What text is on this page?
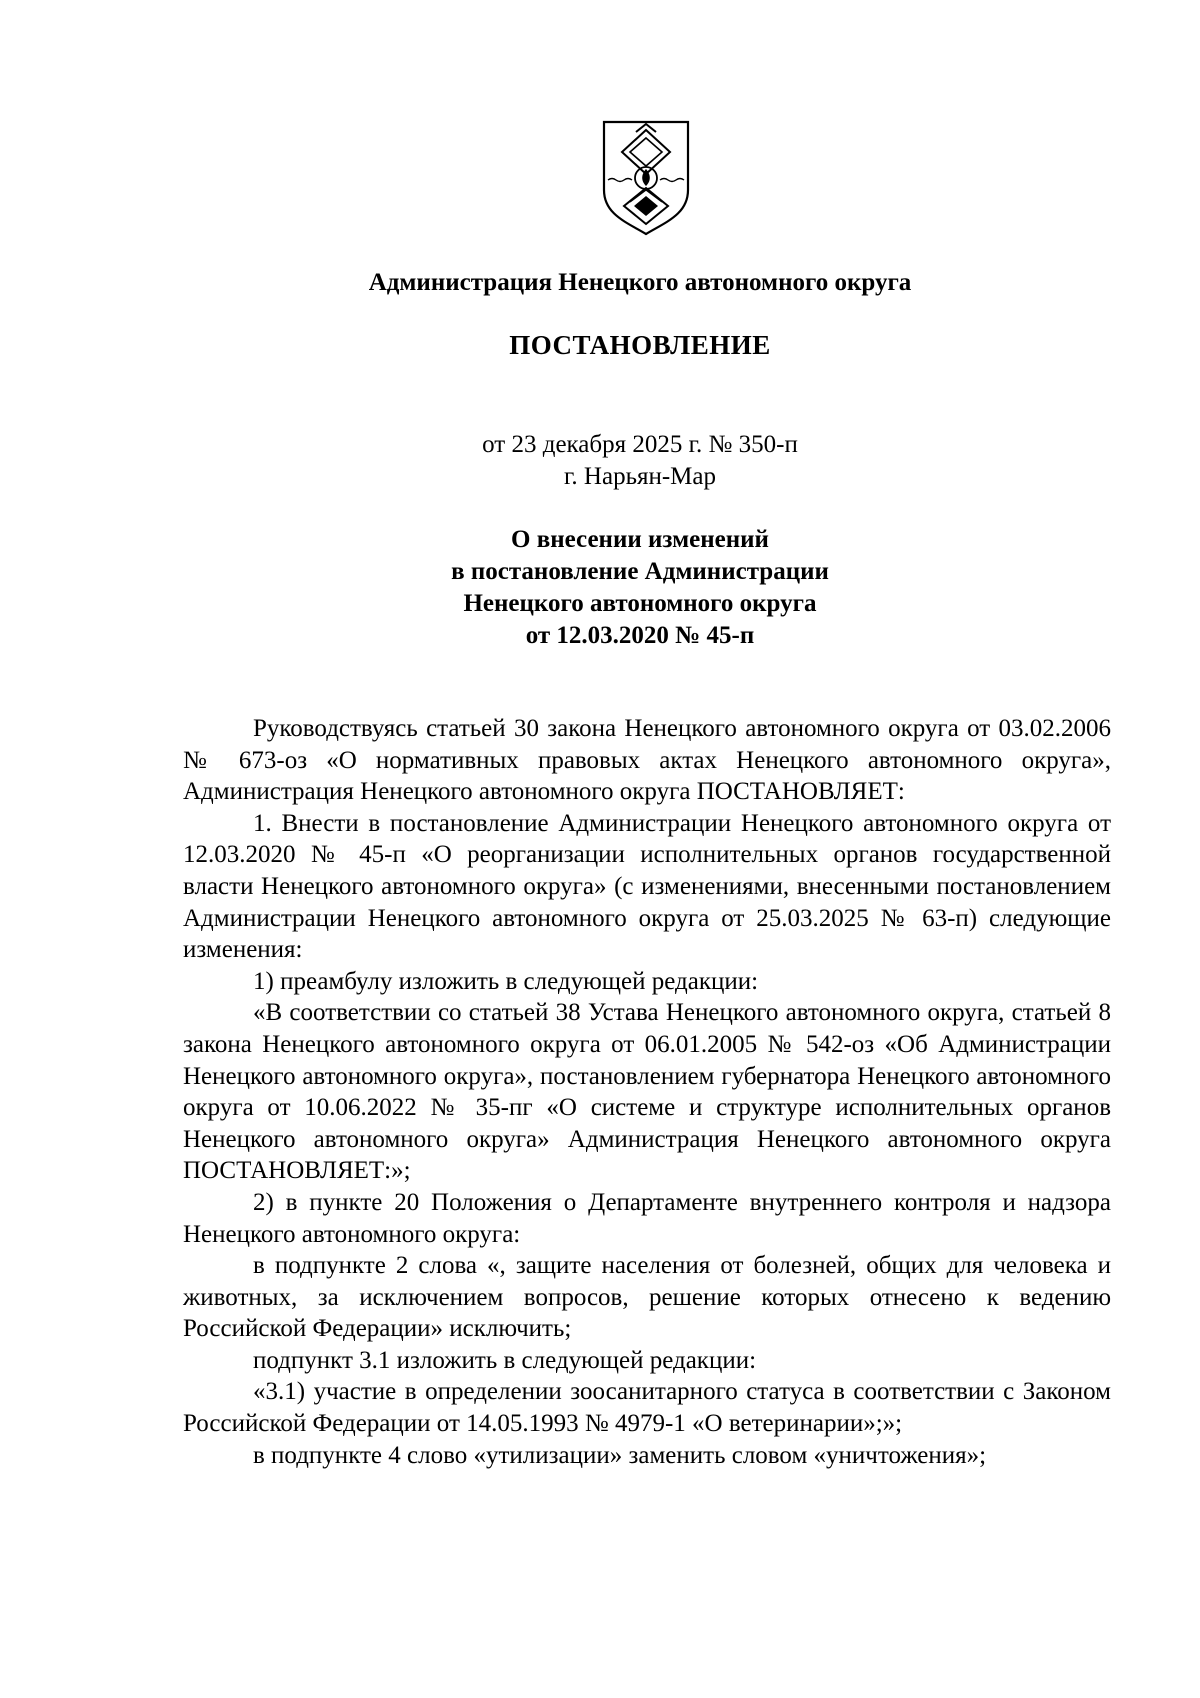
Администрация Ненецкого автономного округа
ПОСТАНОВЛЕНИЕ
от 23 декабря 2025 г. № 350-п
г. Нарьян-Мар
О внесении изменений
в постановление Администрации
Ненецкого автономного округа
от 12.03.2020 № 45-п

Руководствуясь статьей 30 закона Ненецкого автономного округа от 03.02.2006 № 673-оз «О нормативных правовых актах Ненецкого автономного округа», Администрация Ненецкого автономного округа ПОСТАНОВЛЯЕТ:

1. Внести в постановление Администрации Ненецкого автономного округа от 12.03.2020 № 45-п «О реорганизации исполнительных органов государственной власти Ненецкого автономного округа» (с изменениями, внесенными постановлением Администрации Ненецкого автономного округа от 25.03.2025 № 63-п) следующие изменения:

1) преамбулу изложить в следующей редакции:

«В соответствии со статьей 38 Устава Ненецкого автономного округа, статьей 8 закона Ненецкого автономного округа от 06.01.2005 № 542-оз «Об Администрации Ненецкого автономного округа», постановлением губернатора Ненецкого автономного округа от 10.06.2022 № 35-пг «О системе и структуре исполнительных органов Ненецкого автономного округа» Администрация Ненецкого автономного округа ПОСТАНОВЛЯЕТ:»;

2) в пункте 20 Положения о Департаменте внутреннего контроля и надзора Ненецкого автономного округа:

в подпункте 2 слова «, защите населения от болезней, общих для человека и животных, за исключением вопросов, решение которых отнесено к ведению Российской Федерации» исключить;

подпункт 3.1 изложить в следующей редакции:

«3.1) участие в определении зоосанитарного статуса в соответствии с Законом Российской Федерации от 14.05.1993 № 4979-1 «О ветеринарии»;»;

в подпункте 4 слово «утилизации» заменить словом «уничтожения»;
